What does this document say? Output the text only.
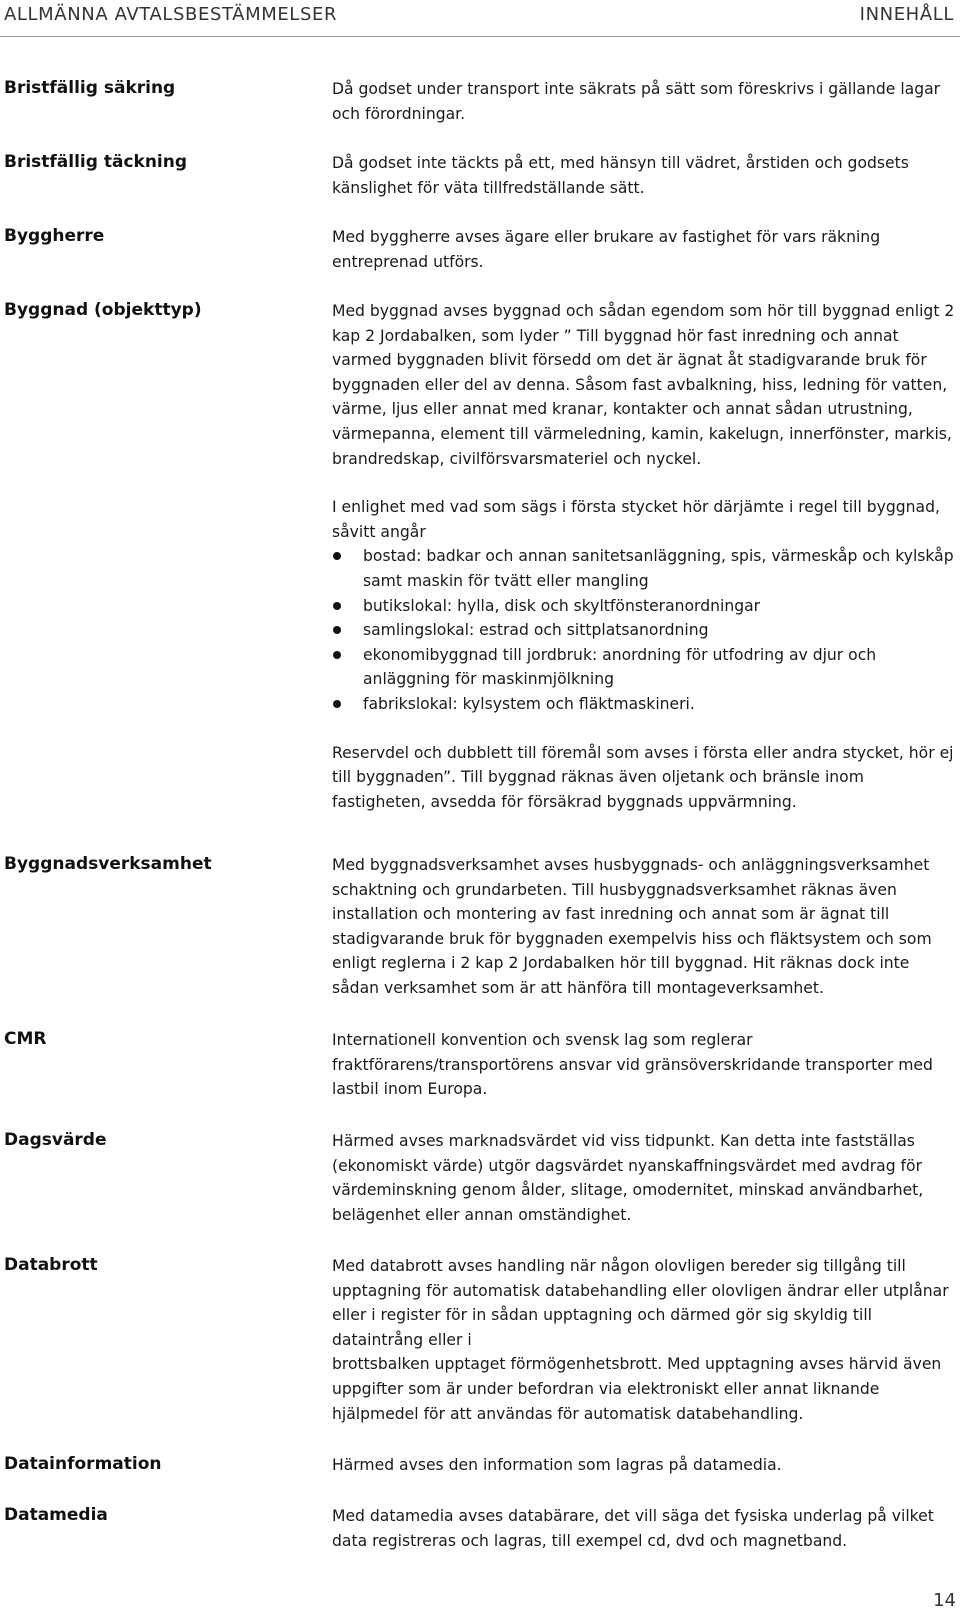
ALLMÄNNA AVTALSBESTÄMMELSER	INNEHÅLL
Bristfällig säkring	Då godset under transport inte säkrats på sätt som föreskrivs i gällande lagar och förordningar.

Bristfällig täckning	Då godset inte täckts på ett, med hänsyn till vädret, årstiden och godsets känslighet för väta tillfredställande sätt.

Byggherre	Med byggherre avses ägare eller brukare av fastighet för vars räkning entreprenad utförs.

Byggnad (objekttyp)	Med byggnad avses byggnad och sådan egendom som hör till byggnad enligt 2 kap 2 Jordabalken, som lyder ” Till byggnad hör fast inredning och annat varmed byggnaden blivit försedd om det är ägnat åt stadigvarande bruk för byggnaden eller del av denna. Såsom fast avbalkning, hiss, ledning för vatten, värme, ljus eller annat med kranar, kontakter och annat sådan utrustning, värmepanna, element till värmeledning, kamin, kakelugn, innerfönster, markis, brandredskap, civilförsvarsmateriel och nyckel.

I enlighet med vad som sägs i första stycket hör därjämte i regel till byggnad, såvitt angår

bostad: badkar och annan sanitetsanläggning, spis, värmeskåp och kylskåp samt maskin för tvätt eller mangling
butikslokal: hylla, disk och skyltfönsteranordningar
samlingslokal: estrad och sittplatsanordning
ekonomibyggnad till jordbruk: anordning för utfodring av djur och anläggning för maskinmjölkning
fabrikslokal: kylsystem och fläktmaskineri.

Reservdel och dubblett till föremål som avses i första eller andra stycket, hör ej till byggnaden”. Till byggnad räknas även oljetank och bränsle inom fastigheten, avsedda för försäkrad byggnads uppvärmning.

Byggnadsverksamhet	Med byggnadsverksamhet avses husbyggnads- och anläggningsverksamhet schaktning och grundarbeten. Till husbyggnadsverksamhet räknas även installation och montering av fast inredning och annat som är ägnat till stadigvarande bruk för byggnaden exempelvis hiss och fläktsystem och som enligt reglerna i 2 kap 2 Jordabalken hör till byggnad. Hit räknas dock inte sådan verksamhet som är att hänföra till montageverksamhet.

CMR	Internationell konvention och svensk lag som reglerar fraktförarens/transportörens ansvar vid gränsöverskridande transporter med lastbil inom Europa.

Dagsvärde	Härmed avses marknadsvärdet vid viss tidpunkt. Kan detta inte fastställas (ekonomiskt värde) utgör dagsvärdet nyanskaffningsvärdet med avdrag för värdeminskning genom ålder, slitage, omodernitet, minskad användbarhet, belägenhet eller annan omständighet.

Databrott	Med databrott avses handling när någon olovligen bereder sig tillgång till upptagning för automatisk databehandling eller olovligen ändrar eller utplånar eller i register för in sådan upptagning och därmed gör sig skyldig till dataintrång eller i

brottsbalken upptaget förmögenhetsbrott. Med upptagning avses härvid även uppgifter som är under befordran via elektroniskt eller annat liknande hjälpmedel för att användas för automatisk databehandling.

Datainformation	Härmed avses den information som lagras på datamedia.

Datamedia	Med datamedia avses databärare, det vill säga det fysiska underlag på vilket data registreras och lagras, till exempel cd, dvd och magnetband.

14
